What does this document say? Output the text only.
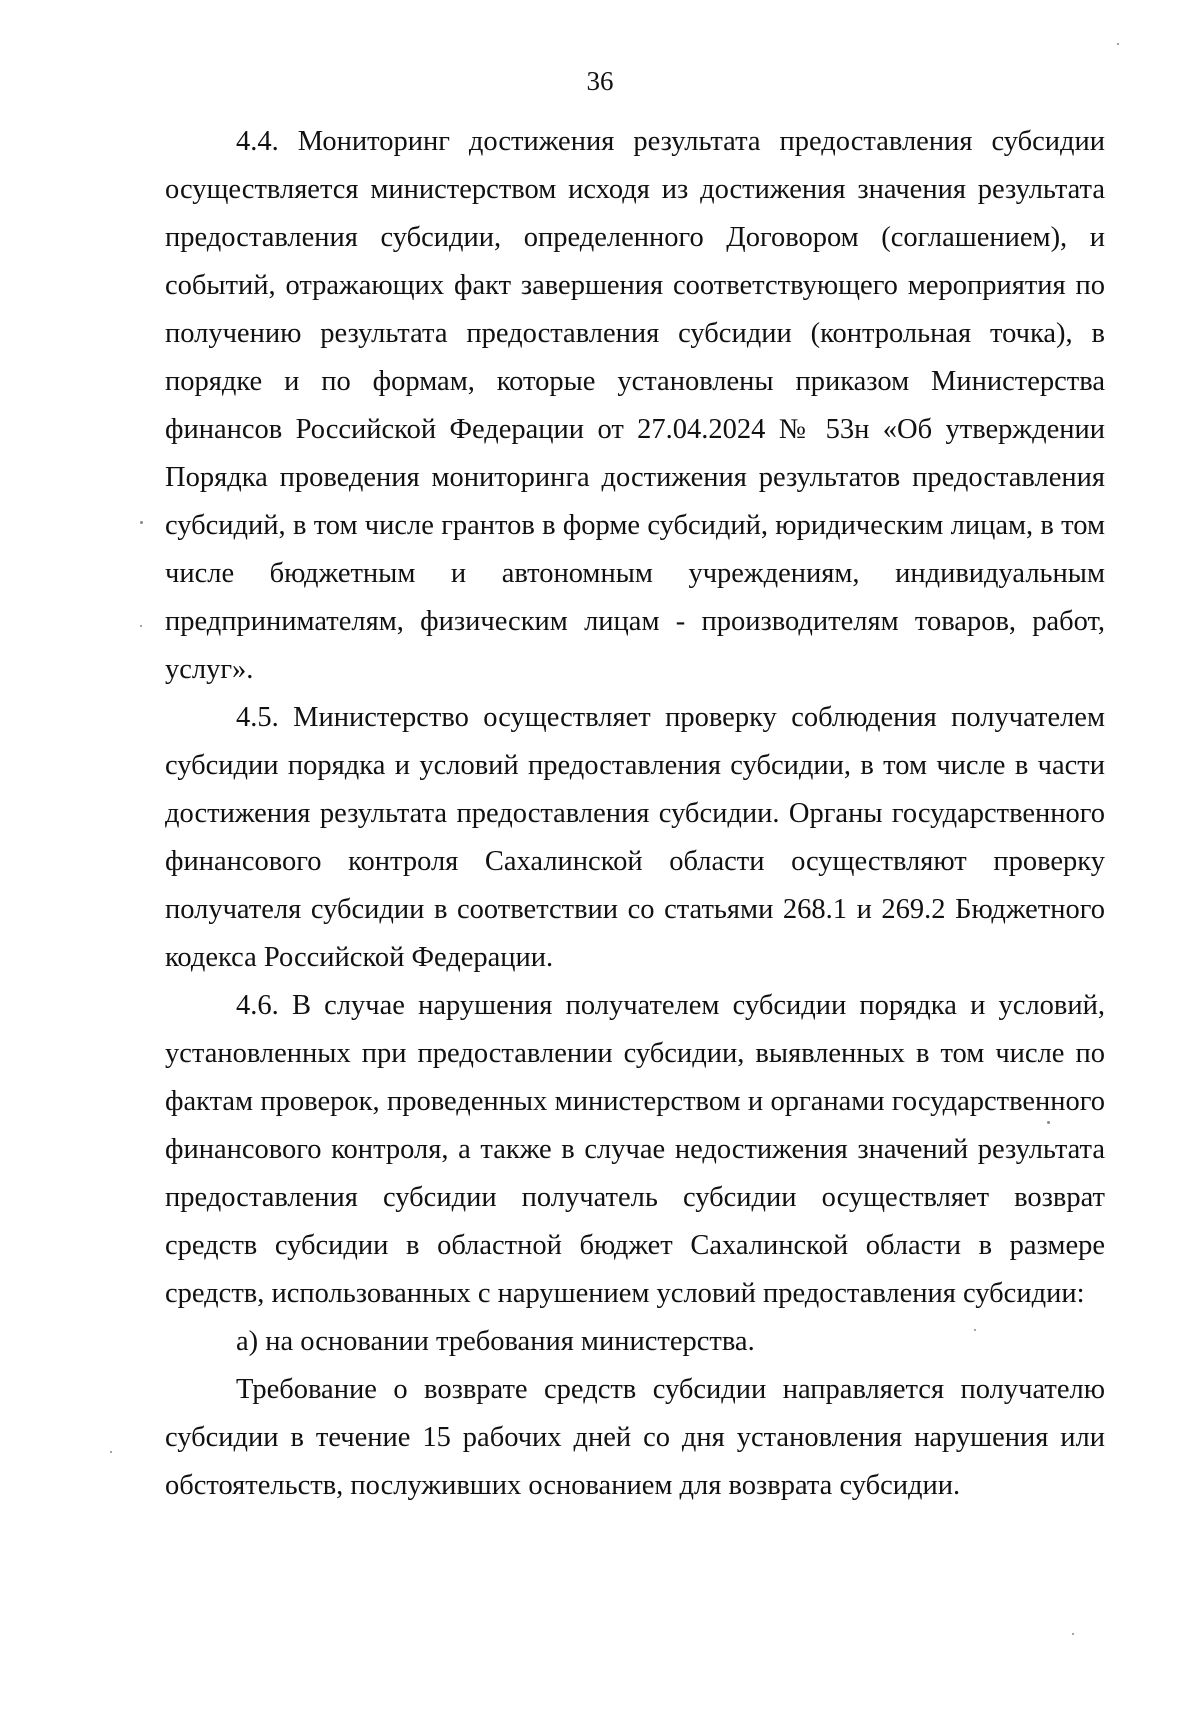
36

4.4. Мониторинг достижения результата предоставления субсидии осуществляется министерством исходя из достижения значения результата предоставления субсидии, определенного Договором (соглашением), и событий, отражающих факт завершения соответствующего мероприятия по получению результата предоставления субсидии (контрольная точка), в порядке и по формам, которые установлены приказом Министерства финансов Российской Федерации от 27.04.2024 № 53н «Об утверждении Порядка проведения мониторинга достижения результатов предоставления субсидий, в том числе грантов в форме субсидий, юридическим лицам, в том числе бюджетным и автономным учреждениям, индивидуальным предпринимателям, физическим лицам - производителям товаров, работ, услуг».

4.5. Министерство осуществляет проверку соблюдения получателем субсидии порядка и условий предоставления субсидии, в том числе в части достижения результата предоставления субсидии. Органы государственного финансового контроля Сахалинской области осуществляют проверку получателя субсидии в соответствии со статьями 268.1 и 269.2 Бюджетного кодекса Российской Федерации.

4.6. В случае нарушения получателем субсидии порядка и условий, установленных при предоставлении субсидии, выявленных в том числе по фактам проверок, проведенных министерством и органами государственного финансового контроля, а также в случае недостижения значений результата предоставления субсидии получатель субсидии осуществляет возврат средств субсидии в областной бюджет Сахалинской области в размере средств, использованных с нарушением условий предоставления субсидии:

а) на основании требования министерства.

Требование о возврате средств субсидии направляется получателю субсидии в течение 15 рабочих дней со дня установления нарушения или обстоятельств, послуживших основанием для возврата субсидии.
